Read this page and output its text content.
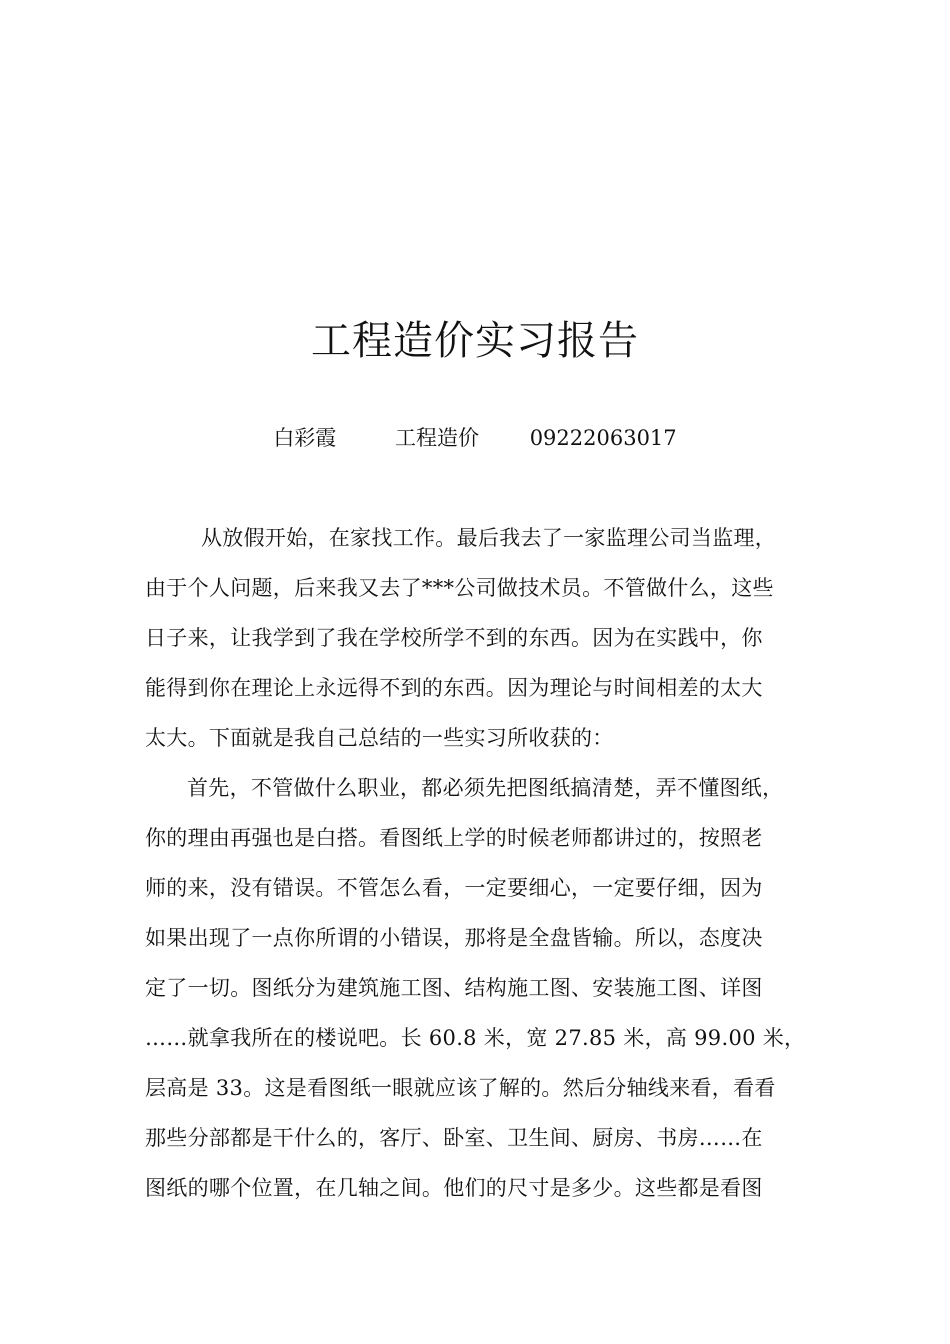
工程造价实习报告
白彩霞	工程造价 09222063017
从放假开始，在家找工作。最后我去了一家监理公司当监理，
由于个人问题，后来我又去了***公司做技术员。不管做什么，这些
日子来，让我学到了我在学校所学不到的东西。因为在实践中，你
能得到你在理论上永远得不到的东西。因为理论与时间相差的太大
太大。下面就是我自己总结的一些实习所收获的：
首先，不管做什么职业，都必须先把图纸搞清楚，弄不懂图纸，
你的理由再强也是白搭。看图纸上学的时候老师都讲过的，按照老
师的来，没有错误。不管怎么看，一定要细心，一定要仔细，因为
如果出现了一点你所谓的小错误，那将是全盘皆输。所以，态度决
定了一切。图纸分为建筑施工图、结构施工图、安装施工图、详图
……就拿我所在的楼说吧。长 60.8 米，宽 27.85 米，高 99.00 米，
层高是 33。这是看图纸一眼就应该了解的。然后分轴线来看，看看
那些分部都是干什么的，客厅、卧室、卫生间、厨房、书房……在
图纸的哪个位置，在几轴之间。他们的尺寸是多少。这些都是看图
